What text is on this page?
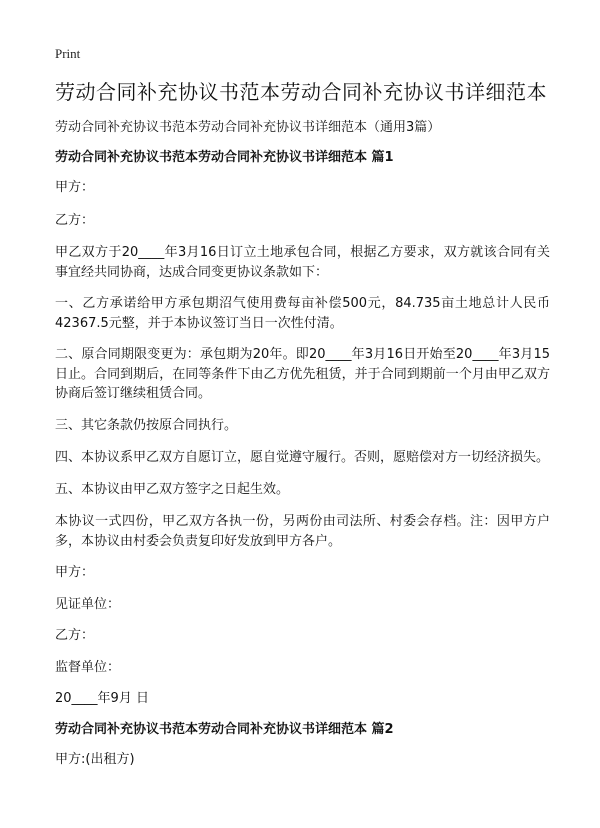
Print
劳动合同补充协议书范本劳动合同补充协议书详细范本
劳动合同补充协议书范本劳动合同补充协议书详细范本（通用3篇）
劳动合同补充协议书范本劳动合同补充协议书详细范本 篇1
甲方：
乙方：
甲乙双方于20____年3月16日订立土地承包合同，根据乙方要求，双方就该合同有关事宜经共同协商，达成合同变更协议条款如下：
一、乙方承诺给甲方承包期沼气使用费每亩补偿500元，84.735亩土地总计人民币42367.5元整，并于本协议签订当日一次性付清。
二、原合同期限变更为：承包期为20年。即20____年3月16日开始至20____年3月15日止。合同到期后，在同等条件下由乙方优先租赁，并于合同到期前一个月由甲乙双方协商后签订继续租赁合同。
三、其它条款仍按原合同执行。
四、本协议系甲乙双方自愿订立，愿自觉遵守履行。否则，愿赔偿对方一切经济损失。
五、本协议由甲乙双方签字之日起生效。
本协议一式四份，甲乙双方各执一份，另两份由司法所、村委会存档。注：因甲方户多，本协议由村委会负责复印好发放到甲方各户。
甲方：
见证单位：
乙方：
监督单位：
20____年9月 日
劳动合同补充协议书范本劳动合同补充协议书详细范本 篇2
甲方:(出租方)
